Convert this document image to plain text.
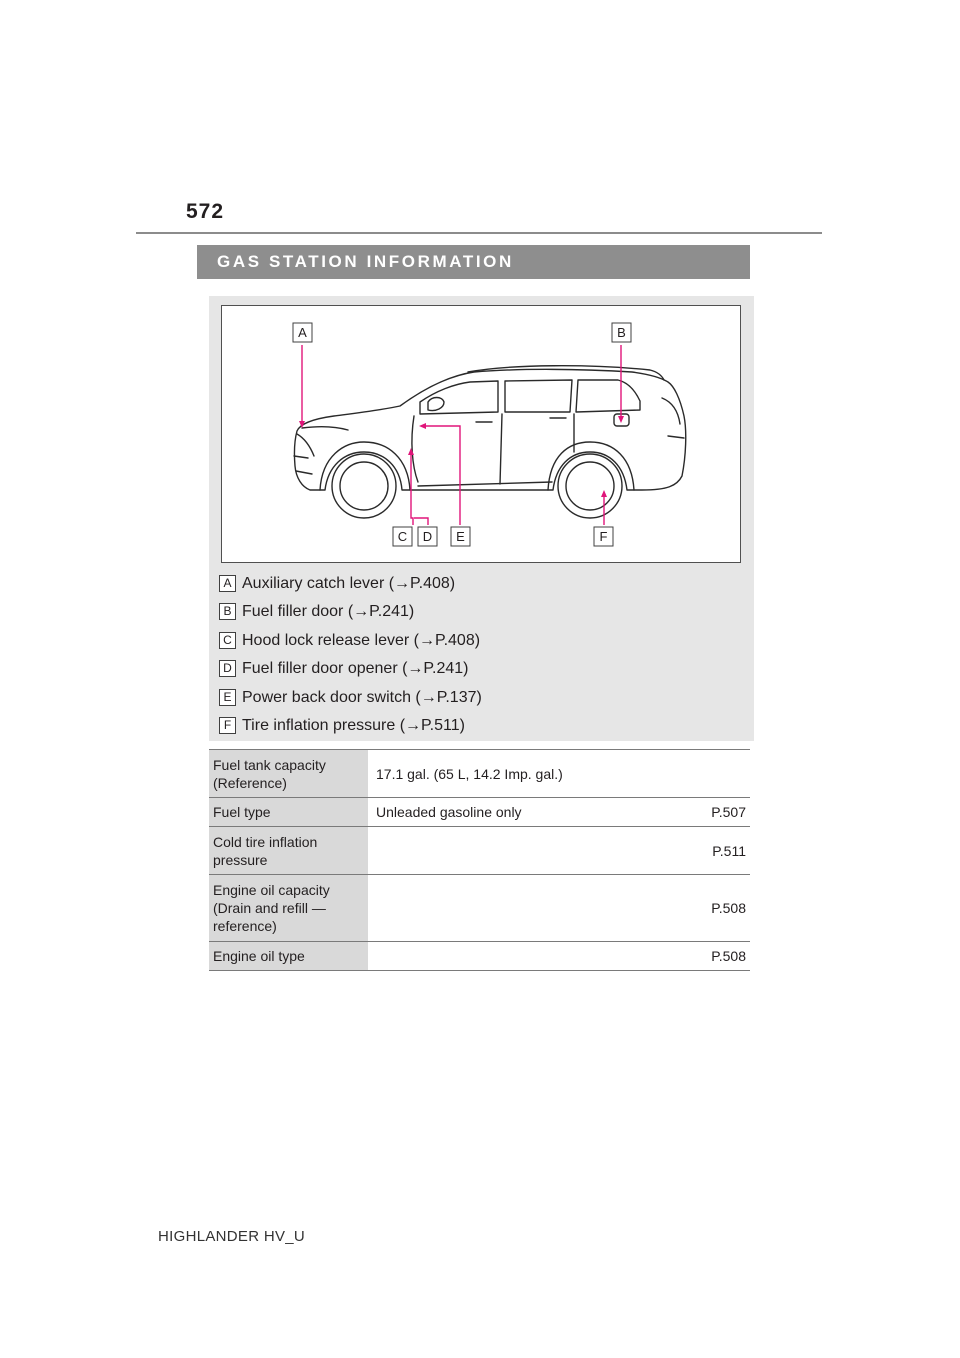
572
GAS STATION INFORMATION
A	B
C D E	F
A Auxiliary catch lever (→P.408)
B Fuel filler door (→P.241)
C Hood lock release lever (→P.408)
D Fuel filler door opener (→P.241)
E Power back door switch (→P.137)
F Tire inflation pressure (→P.511)
Fuel tank capacity (Reference)	17.1 gal. (65 L, 14.2 Imp. gal.)

Fuel type	Unleaded gasoline only P.507

Cold tire inflation pressure	P.511

Engine oil capacity (Drain and refill — reference)	P.508

Engine oil type	P.508
HIGHLANDER HV_U
